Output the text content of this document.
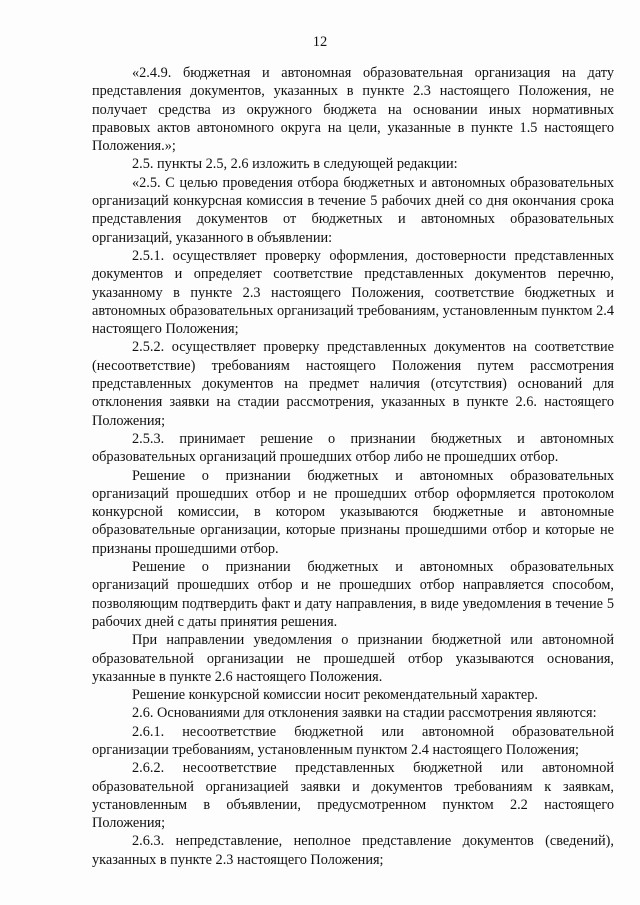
12

«2.4.9. бюджетная и автономная образовательная организация на дату представления документов, указанных в пункте 2.3 настоящего Положения, не получает средства из окружного бюджета на основании иных нормативных правовых актов автономного округа на цели, указанные в пункте 1.5 настоящего Положения.»;

2.5. пункты 2.5, 2.6 изложить в следующей редакции:

«2.5. С целью проведения отбора бюджетных и автономных образовательных организаций конкурсная комиссия в течение 5 рабочих дней со дня окончания срока представления документов от бюджетных и автономных образовательных организаций, указанного в объявлении:

2.5.1. осуществляет проверку оформления, достоверности представленных документов и определяет соответствие представленных документов перечню, указанному в пункте 2.3 настоящего Положения, соответствие бюджетных и автономных образовательных организаций требованиям, установленным пунктом 2.4 настоящего Положения;

2.5.2. осуществляет проверку представленных документов на соответствие (несоответствие) требованиям настоящего Положения путем рассмотрения представленных документов на предмет наличия (отсутствия) оснований для отклонения заявки на стадии рассмотрения, указанных в пункте 2.6. настоящего Положения;

2.5.3. принимает решение о признании бюджетных и автономных образовательных организаций прошедших отбор либо не прошедших отбор.

Решение о признании бюджетных и автономных образовательных организаций прошедших отбор и не прошедших отбор оформляется протоколом конкурсной комиссии, в котором указываются бюджетные и автономные образовательные организации, которые признаны прошедшими отбор и которые не признаны прошедшими отбор.

Решение о признании бюджетных и автономных образовательных организаций прошедших отбор и не прошедших отбор направляется способом, позволяющим подтвердить факт и дату направления, в виде уведомления в течение 5 рабочих дней с даты принятия решения.

При направлении уведомления о признании бюджетной или автономной образовательной организации не прошедшей отбор указываются основания, указанные в пункте 2.6 настоящего Положения.

Решение конкурсной комиссии носит рекомендательный характер.

2.6. Основаниями для отклонения заявки на стадии рассмотрения являются:

2.6.1. несоответствие бюджетной или автономной образовательной организации требованиям, установленным пунктом 2.4 настоящего Положения;

2.6.2. несоответствие представленных бюджетной или автономной образовательной организацией заявки и документов требованиям к заявкам, установленным в объявлении, предусмотренном пунктом 2.2 настоящего Положения;

2.6.3. непредставление, неполное представление документов (сведений), указанных в пункте 2.3 настоящего Положения;
